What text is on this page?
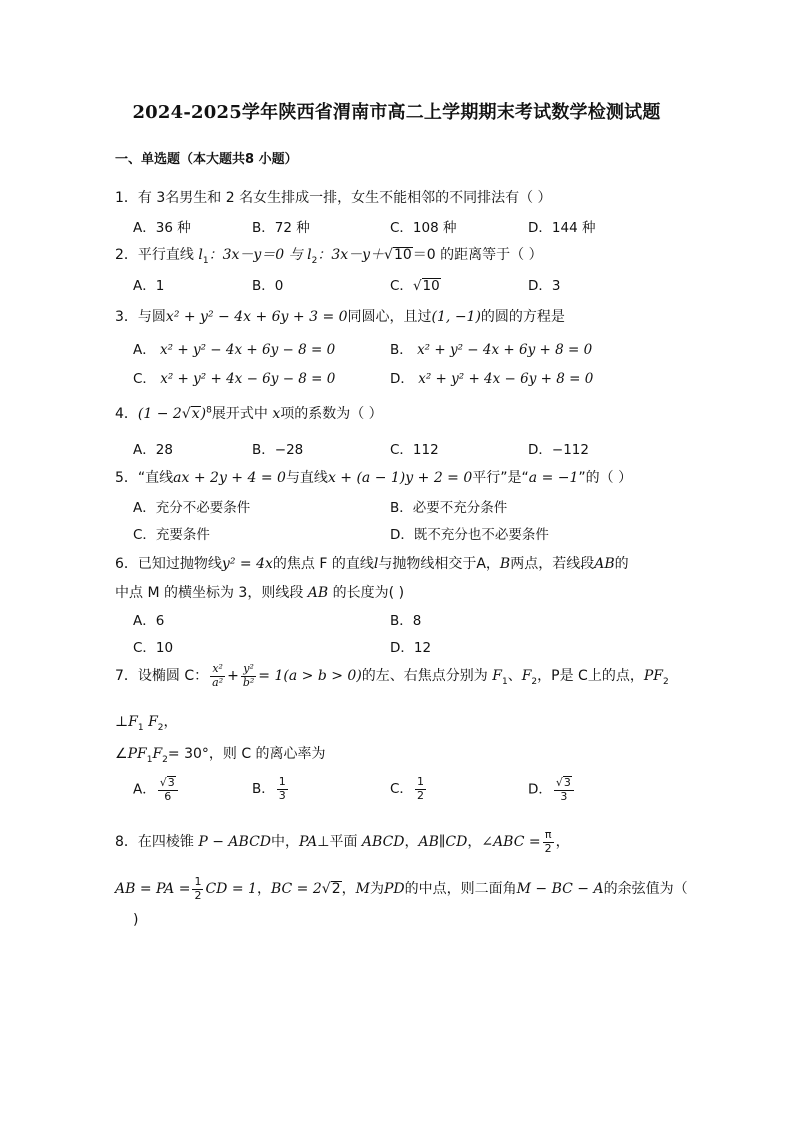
2024-2025学年陕西省渭南市高二上学期期末考试数学检测试题
一、单选题（本大题共8 小题）
1．有 3名男生和 2 名女生排成一排，女生不能相邻的不同排法有（ ）
A．36 种	B．72 种	C．108 种	D．144 种
2．平行直线 $l_1$：3x－y＝0 与 $l_2$：3x－y＋√10＝0 的距离等于（ ）
A．1	B．0	C．√10	D．3
3．与圆x² + y² − 4x + 6y + 3 = 0同圆心，且过(1, −1)的圆的方程是
A． x² + y² − 4x + 6y − 8 = 0	B． x² + y² − 4x + 6y + 8 = 0
C． x² + y² + 4x − 6y − 8 = 0	D． x² + y² + 4x − 6y + 8 = 0
4．$(1 - 2√x)^8$展开式中 x项的系数为（ ）
A．28	B．−28	C．112	D．−112
5．“直线ax + 2y + 4 = 0与直线x + (a − 1)y + 2 = 0平行”是“a = −1”的（ ）
A．充分不必要条件	B．必要不充分条件
C．充要条件	D．既不充分也不必要条件
6．已知过抛物线y² = 4x的焦点 F 的直线l与抛物线相交于A，B两点，若线段AB的
中点 M 的横坐标为 3，则线段 AB 的长度为( )
A．6	B．8
C．10	D．12
7．设椭圆 C： $\frac{\text{x²}}{\text{a²}} + \frac{\text{y²}}{\text{b²}} = 1(a > b > 0)$的左、右焦点分别为 $F_1$、$F_2$，P是 C上的点，$PF_2$
$\perp F_1$ $F_2$，
$\angle PF_1F_2= 30^\circ$，则 C 的离心率为
A． $\frac{√3}{6}$	B． $\frac{1}{3}$	C． $\frac{1}{2}$	D． $\frac{√3}{3}$
8．在四棱锥 P − ABCD中，PA⊥平面 ABCD，AB∥CD，∠ABC = $\frac{\pi}{2}$ ，
AB = PA = $\frac{1}{2}$ CD = 1，BC = 2√2，M为PD的中点，则二面角M − BC − A的余弦值为（
)
